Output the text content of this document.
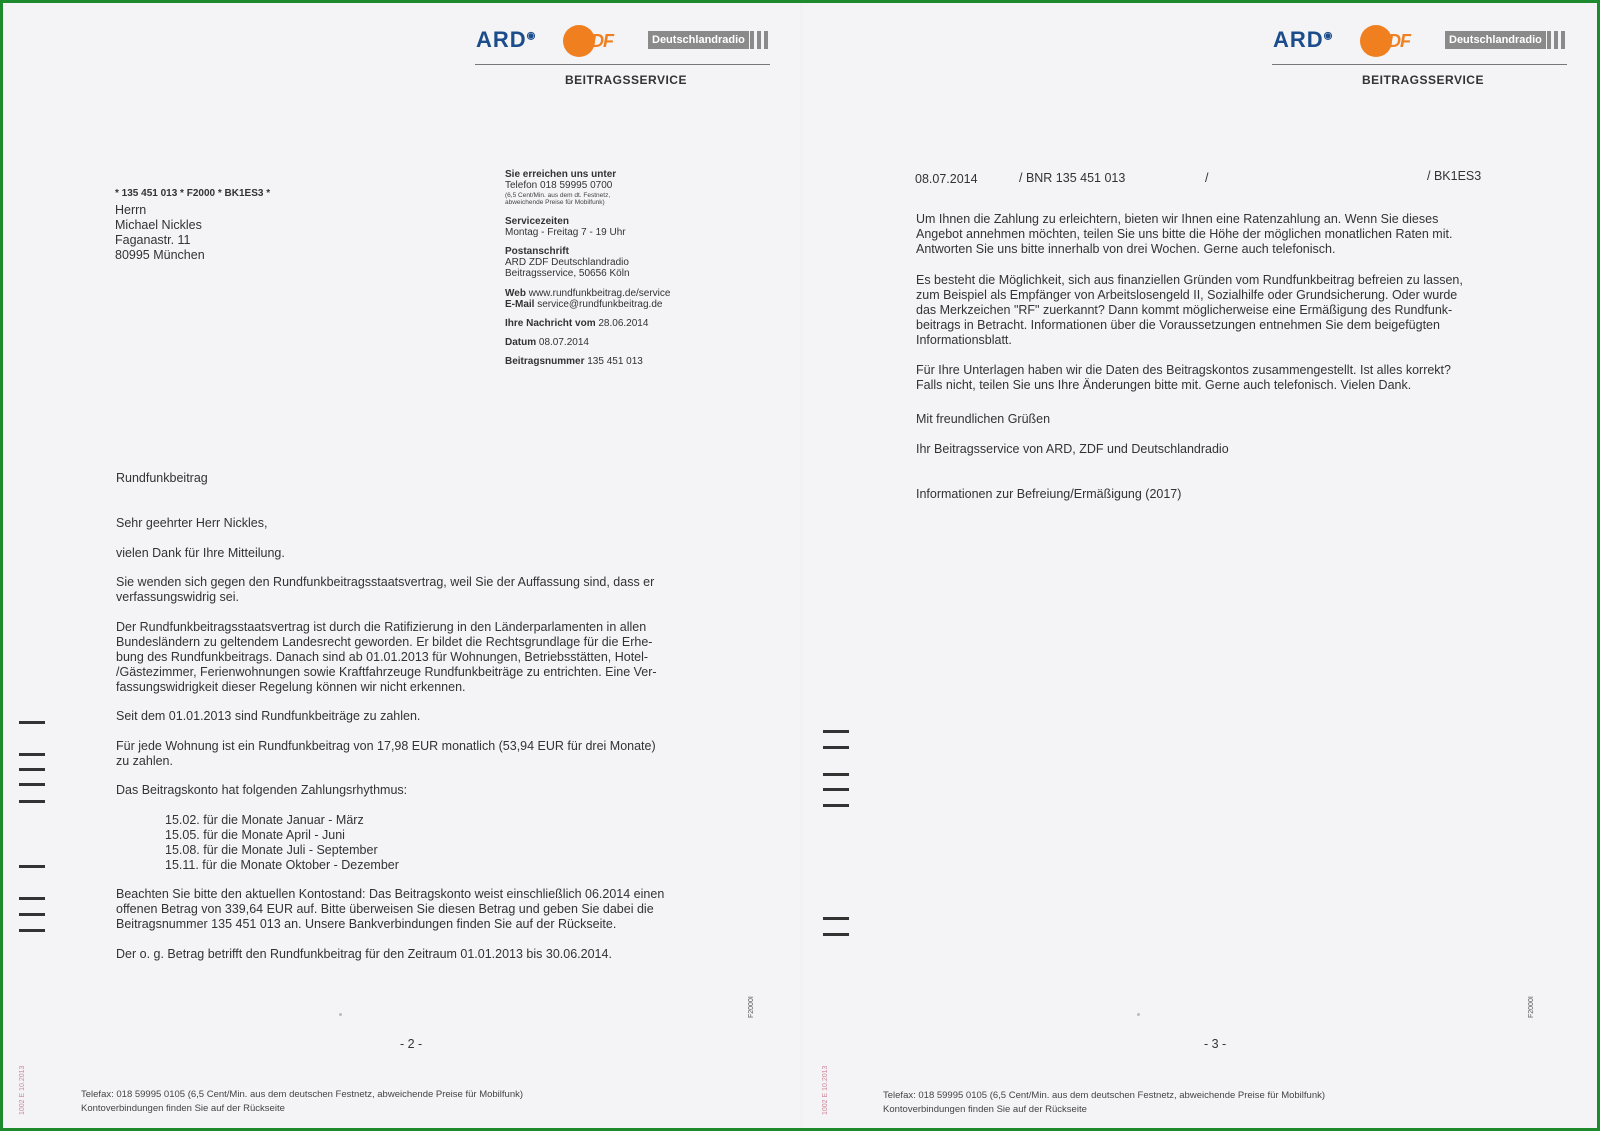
ARD◉ ZDF	Deutschlandradio
BEITRAGSSERVICE
* 135 451 013 * F2000 * BK1ES3 *
Herrn
Michael Nickles
Faganastr. 11
80995 München
Sie erreichen uns unter
Telefon 018 59995 0700
(6,5 Cent/Min. aus dem dt. Festnetz,
abweichende Preise für Mobilfunk)
Servicezeiten
Montag - Freitag 7 - 19 Uhr
Postanschrift
ARD ZDF Deutschlandradio
Beitragsservice, 50656 Köln
Web www.rundfunkbeitrag.de/service
E-Mail service@rundfunkbeitrag.de
Ihre Nachricht vom 28.06.2014
Datum 08.07.2014
Beitragsnummer 135 451 013
Rundfunkbeitrag
Sehr geehrter Herr Nickles,
vielen Dank für Ihre Mitteilung.
Sie wenden sich gegen den Rundfunkbeitragsstaatsvertrag, weil Sie der Auffassung sind, dass er
verfassungswidrig sei.
Der Rundfunkbeitragsstaatsvertrag ist durch die Ratifizierung in den Länderparlamenten in allen
Bundesländern zu geltendem Landesrecht geworden. Er bildet die Rechtsgrundlage für die Erhe-
bung des Rundfunkbeitrags. Danach sind ab 01.01.2013 für Wohnungen, Betriebsstätten, Hotel-
/Gästezimmer, Ferienwohnungen sowie Kraftfahrzeuge Rundfunkbeiträge zu entrichten. Eine Ver-
fassungswidrigkeit dieser Regelung können wir nicht erkennen.
Seit dem 01.01.2013 sind Rundfunkbeiträge zu zahlen.
Für jede Wohnung ist ein Rundfunkbeitrag von 17,98 EUR monatlich (53,94 EUR für drei Monate)
zu zahlen.
Das Beitragskonto hat folgenden Zahlungsrhythmus:
15.02. für die Monate Januar - März
15.05. für die Monate April - Juni
15.08. für die Monate Juli - September
15.11. für die Monate Oktober - Dezember
Beachten Sie bitte den aktuellen Kontostand: Das Beitragskonto weist einschließlich 06.2014 einen
offenen Betrag von 339,64 EUR auf. Bitte überweisen Sie diesen Betrag und geben Sie dabei die
Beitragsnummer 135 451 013 an. Unsere Bankverbindungen finden Sie auf der Rückseite.
Der o. g. Betrag betrifft den Rundfunkbeitrag für den Zeitraum 01.01.2013 bis 30.06.2014.
F2000I
- 2 -
1002 E 10.2013	Telefax: 018 59995 0105 (6,5 Cent/Min. aus dem deutschen Festnetz, abweichende Preise für Mobilfunk)
Kontoverbindungen finden Sie auf der Rückseite
ARD◉ ZDF	Deutschlandradio
BEITRAGSSERVICE
08.07.2014	/ BNR 135 451 013	/	/ BK1ES3
Um Ihnen die Zahlung zu erleichtern, bieten wir Ihnen eine Ratenzahlung an. Wenn Sie dieses
Angebot annehmen möchten, teilen Sie uns bitte die Höhe der möglichen monatlichen Raten mit.
Antworten Sie uns bitte innerhalb von drei Wochen. Gerne auch telefonisch.
Es besteht die Möglichkeit, sich aus finanziellen Gründen vom Rundfunkbeitrag befreien zu lassen,
zum Beispiel als Empfänger von Arbeitslosengeld II, Sozialhilfe oder Grundsicherung. Oder wurde
das Merkzeichen "RF" zuerkannt? Dann kommt möglicherweise eine Ermäßigung des Rundfunk-
beitrags in Betracht. Informationen über die Voraussetzungen entnehmen Sie dem beigefügten
Informationsblatt.
Für Ihre Unterlagen haben wir die Daten des Beitragskontos zusammengestellt. Ist alles korrekt?
Falls nicht, teilen Sie uns Ihre Änderungen bitte mit. Gerne auch telefonisch. Vielen Dank.
Mit freundlichen Grüßen
Ihr Beitragsservice von ARD, ZDF und Deutschlandradio
Informationen zur Befreiung/Ermäßigung (2017)
F2000I
- 3 -
1002 E 10.2013	Telefax: 018 59995 0105 (6,5 Cent/Min. aus dem deutschen Festnetz, abweichende Preise für Mobilfunk)
Kontoverbindungen finden Sie auf der Rückseite
